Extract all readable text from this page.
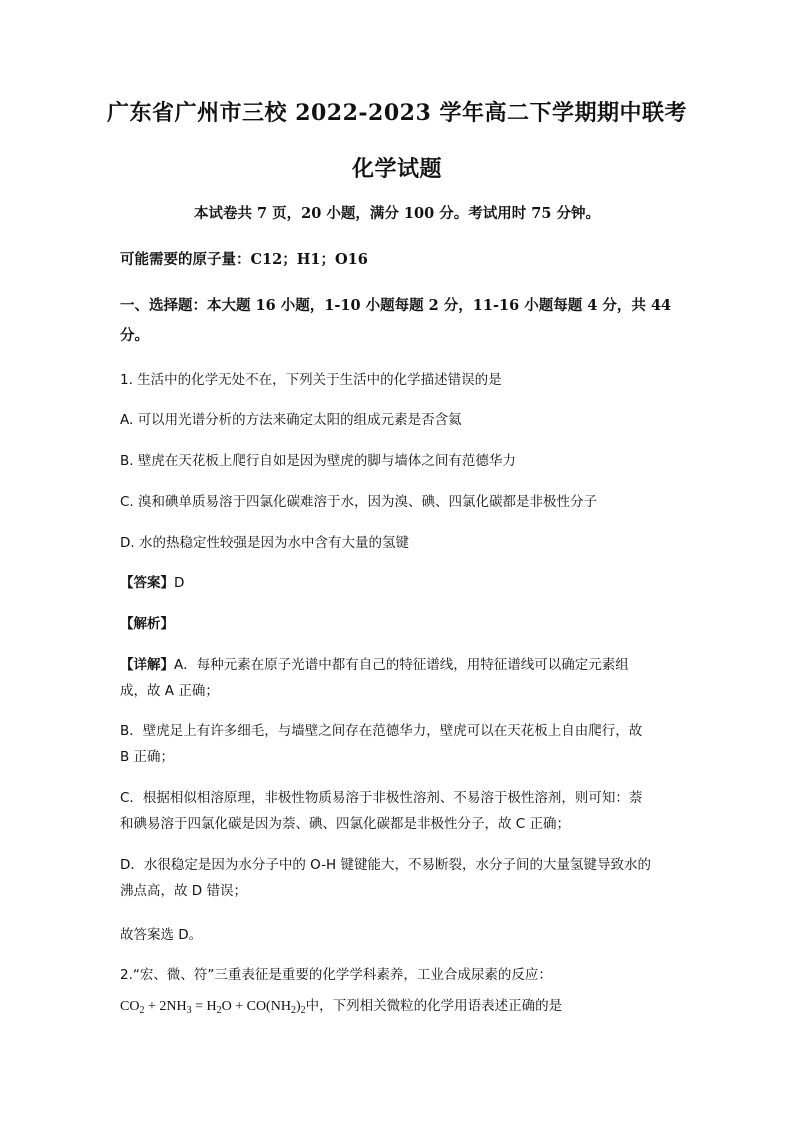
广东省广州市三校 2022-2023 学年高二下学期期中联考
化学试题
本试卷共 7 页，20 小题，满分 100 分。考试用时 75 分钟。
可能需要的原子量：C12；H1；O16
一、选择题：本大题 16 小题，1-10 小题每题 2 分，11-16 小题每题 4 分，共 44
分。
1. 生活中的化学无处不在，下列关于生活中的化学描述错误的是
A. 可以用光谱分析的方法来确定太阳的组成元素是否含氦
B. 壁虎在天花板上爬行自如是因为壁虎的脚与墙体之间有范德华力
C. 溴和碘单质易溶于四氯化碳难溶于水，因为溴、碘、四氯化碳都是非极性分子
D. 水的热稳定性较强是因为水中含有大量的氢键
【答案】D
【解析】
【详解】A．每种元素在原子光谱中都有自己的特征谱线，用特征谱线可以确定元素组
成，故 A 正确；
B．壁虎足上有许多细毛，与墙壁之间存在范德华力，壁虎可以在天花板上自由爬行，故
B 正确；
C．根据相似相溶原理，非极性物质易溶于非极性溶剂、不易溶于极性溶剂，则可知：萘
和碘易溶于四氯化碳是因为萘、碘、四氯化碳都是非极性分子，故 C 正确；
D．水很稳定是因为水分子中的 O-H 键键能大，不易断裂，水分子间的大量氢键导致水的
沸点高，故 D 错误；
故答案选 D。
2.“宏、微、符”三重表征是重要的化学学科素养，工业合成尿素的反应：
$CO_2 + 2NH_3 = H_2O + CO(NH_2)_2$中，下列相关微粒的化学用语表述正确的是
